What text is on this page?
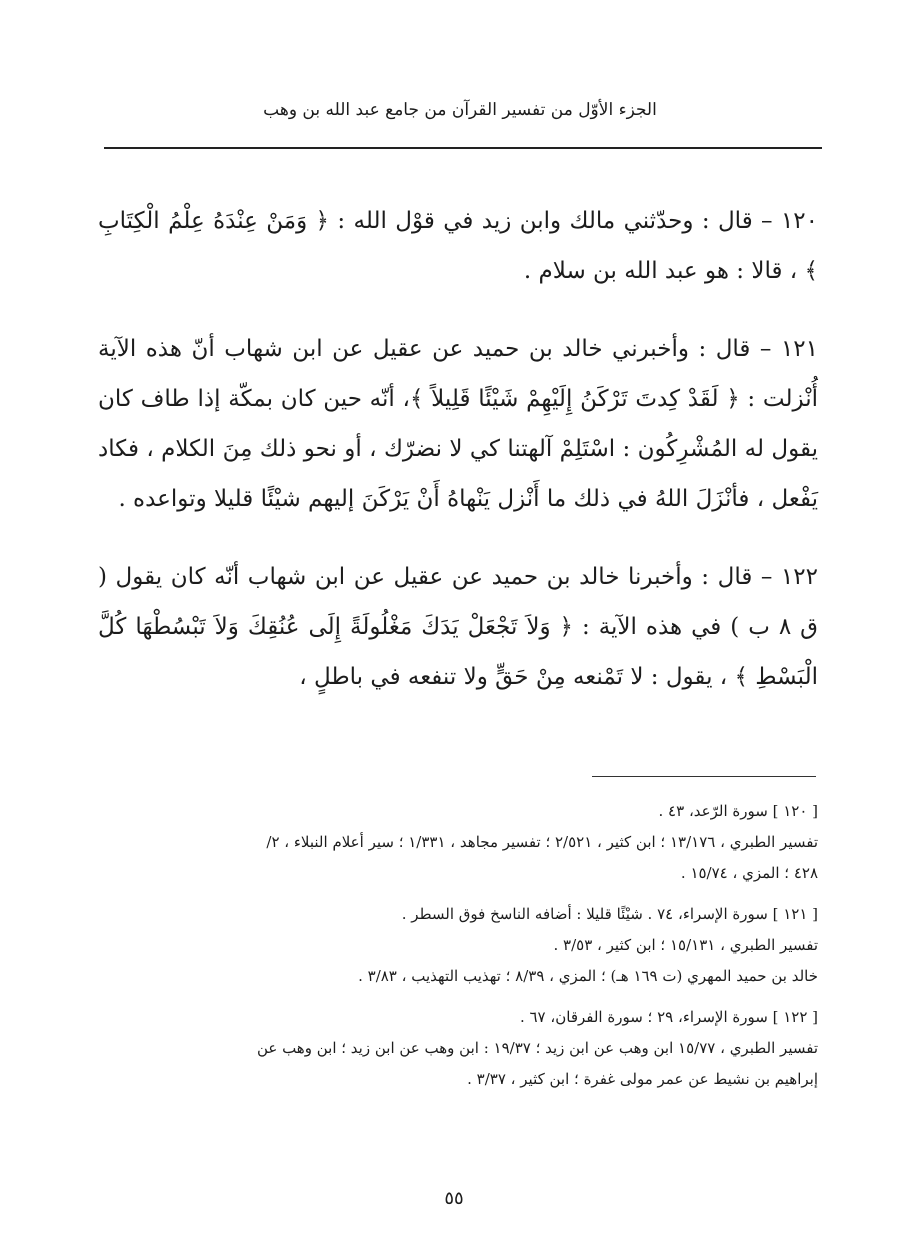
الجزء الأوّل من تفسير القرآن من جامع عبد الله بن وهب

١٢٠ – قال : وحدّثني مالك وابن زيد في قوْل الله : ﴿ وَمَنْ عِنْدَهُ عِلْمُ الْكِتَابِ ﴾ ، قالا : هو عبد الله بن سلام .

١٢١ – قال : وأخبرني خالد بن حميد عن عقيل عن ابن شهاب أنّ هذه الآية أُنْزلت : ﴿ لَقَدْ كِدتَ تَرْكَنُ إِلَيْهِمْ شَيْئًا قَلِيلاً ﴾، أنّه حين كان بمكّة إذا طاف كان يقول له المُشْرِكُون : اسْتَلِمْ آلهتنا كي لا نضرّك ، أو نحو ذلك مِنَ الكلام ، فكاد يَفْعل ، فأنْزَلَ اللهُ في ذلك ما أَنْزل يَنْهاهُ أَنْ يَرْكَنَ إليهم شيْئًا قليلا وتواعده .

١٢٢ – قال : وأخبرنا خالد بن حميد عن عقيل عن ابن شهاب أنّه كان يقول ( ق ٨ ب ) في هذه الآية : ﴿ وَلاَ تَجْعَلْ يَدَكَ مَغْلُولَةً إِلَى عُنُقِكَ وَلاَ تَبْسُطْهَا كُلَّ الْبَسْطِ ﴾ ، يقول : لا تَمْنعه مِنْ حَقٍّ ولا تنفعه في باطلٍ ،

[ ١٢٠ ] سورة الرّعد، ٤٣ .
تفسير الطبري ، ١٣/١٧٦ ؛ ابن كثير ، ٢/٥٢١ ؛ تفسير مجاهد ، ١/٣٣١ ؛ سير أعلام النبلاء ، ٢/
٤٢٨ ؛ المزي ، ١٥/٧٤ .
[ ١٢١ ] سورة الإسراء، ٧٤ . شيْئًا قليلا : أضافه الناسخ فوق السطر .
تفسير الطبري ، ١٥/١٣١ ؛ ابن كثير ، ٣/٥٣ .
خالد بن حميد المهري (ت ١٦٩ هـ) ؛ المزي ، ٨/٣٩ ؛ تهذيب التهذيب ، ٣/٨٣ .
[ ١٢٢ ] سورة الإسراء، ٢٩ ؛ سورة الفرقان، ٦٧ .
تفسير الطبري ، ١٥/٧٧ ابن وهب عن ابن زيد ؛ ١٩/٣٧ : ابن وهب عن ابن زيد ؛ ابن وهب عن
إبراهيم بن نشيط عن عمر مولى غفرة ؛ ابن كثير ، ٣/٣٧ .
٥٥
